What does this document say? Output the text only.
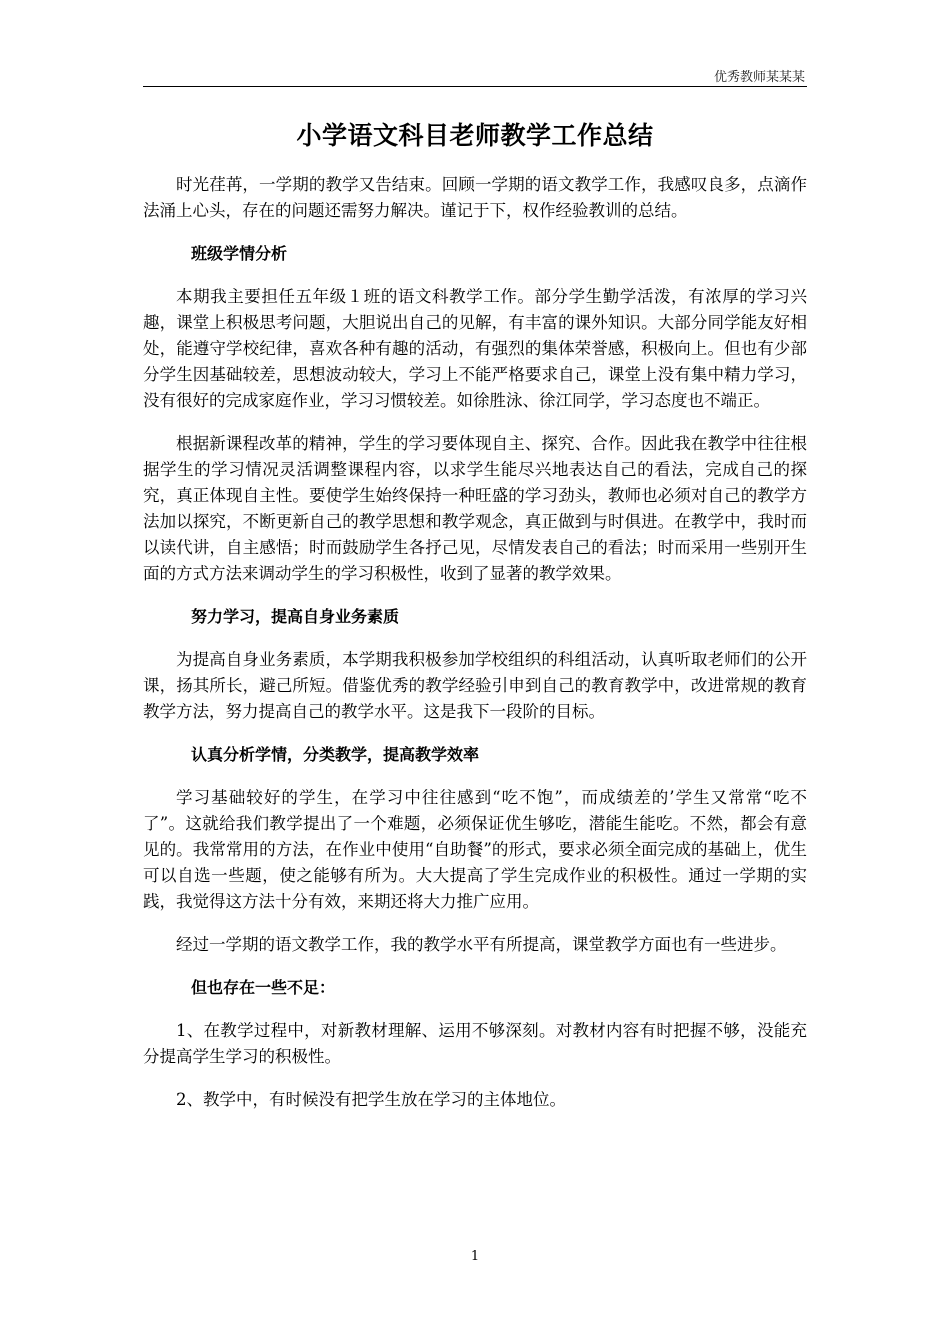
优秀教师某某某
小学语文科目老师教学工作总结

时光荏苒，一学期的教学又告结束。回顾一学期的语文教学工作，我感叹良多，点滴作法涌上心头，存在的问题还需努力解决。谨记于下，权作经验教训的总结。

班级学情分析

本期我主要担任五年级１班的语文科教学工作。部分学生勤学活泼，有浓厚的学习兴趣，课堂上积极思考问题，大胆说出自己的见解，有丰富的课外知识。大部分同学能友好相处，能遵守学校纪律，喜欢各种有趣的活动，有强烈的集体荣誉感，积极向上。但也有少部分学生因基础较差，思想波动较大，学习上不能严格要求自己，课堂上没有集中精力学习，没有很好的完成家庭作业，学习习惯较差。如徐胜泳、徐江同学，学习态度也不端正。

根据新课程改革的精神，学生的学习要体现自主、探究、合作。因此我在教学中往往根据学生的学习情况灵活调整课程内容，以求学生能尽兴地表达自己的看法，完成自己的探究，真正体现自主性。要使学生始终保持一种旺盛的学习劲头，教师也必须对自己的教学方法加以探究，不断更新自己的教学思想和教学观念，真正做到与时俱进。在教学中，我时而以读代讲，自主感悟；时而鼓励学生各抒己见，尽情发表自己的看法；时而采用一些别开生面的方式方法来调动学生的学习积极性，收到了显著的教学效果。

努力学习，提高自身业务素质

为提高自身业务素质，本学期我积极参加学校组织的科组活动，认真听取老师们的公开课，扬其所长，避己所短。借鉴优秀的教学经验引申到自己的教育教学中，改进常规的教育教学方法，努力提高自己的教学水平。这是我下一段阶的目标。

认真分析学情，分类教学，提高教学效率

学习基础较好的学生，在学习中往往感到“吃不饱”，而成绩差的’学生又常常“吃不了”。这就给我们教学提出了一个难题，必须保证优生够吃，潜能生能吃。不然，都会有意见的。我常常用的方法，在作业中使用“自助餐”的形式，要求必须全面完成的基础上，优生可以自选一些题，使之能够有所为。大大提高了学生完成作业的积极性。通过一学期的实践，我觉得这方法十分有效，来期还将大力推广应用。

经过一学期的语文教学工作，我的教学水平有所提高，课堂教学方面也有一些进步。

但也存在一些不足：

1、在教学过程中，对新教材理解、运用不够深刻。对教材内容有时把握不够，没能充分提高学生学习的积极性。

2、教学中，有时候没有把学生放在学习的主体地位。

1
